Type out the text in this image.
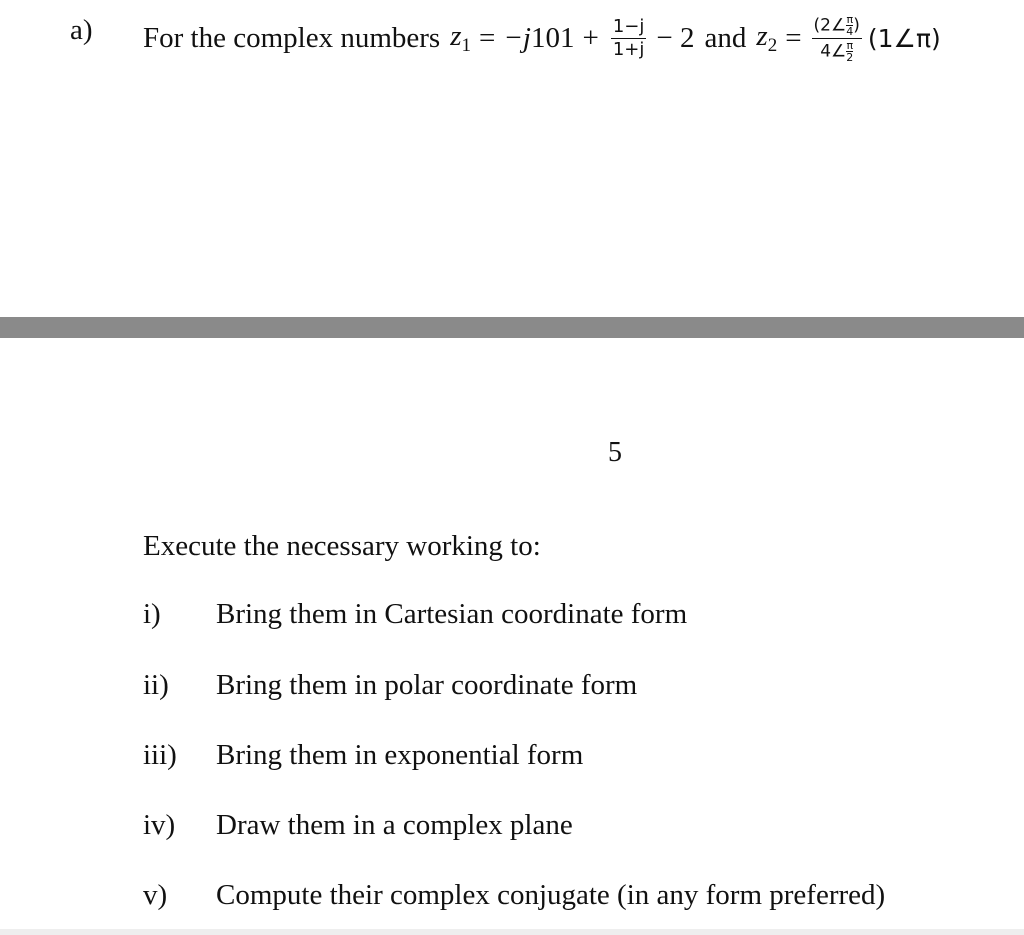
a) For the complex numbers $z_1 = -j$ $101 + \frac{1-j}{1+j} - 2$ and $z_2 = \frac{(2\angle \frac{\pi}{4} )}{4\angle \frac{\pi}{2}}$ (1∠π)
5
Execute the necessary working to:
i) Bring them in Cartesian coordinate form
ii) Bring them in polar coordinate form
iii) Bring them in exponential form
iv) Draw them in a complex plane
v) Compute their complex conjugate (in any form preferred)
